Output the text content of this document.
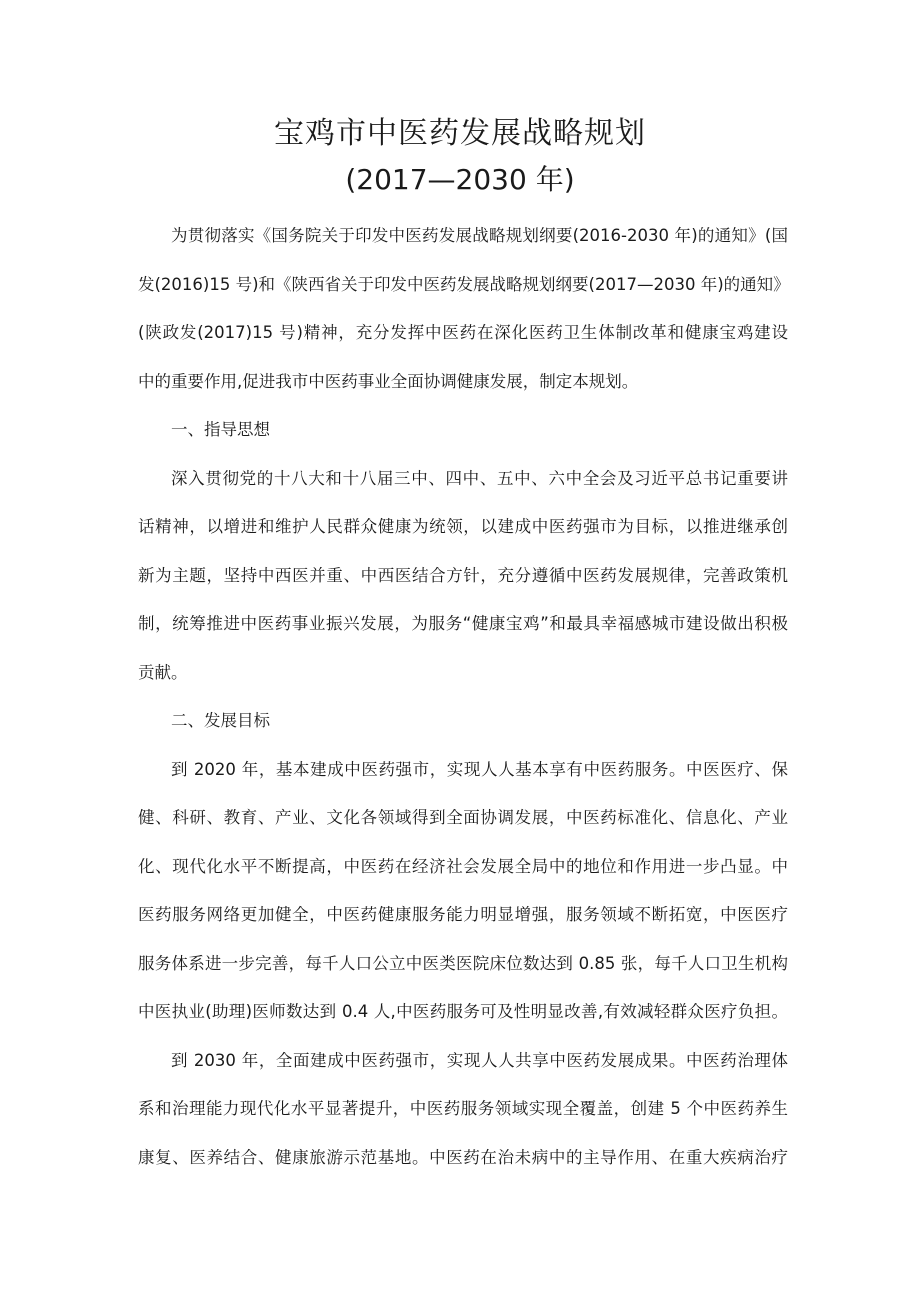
宝鸡市中医药发展战略规划
(2017—2030 年)
为贯彻落实《国务院关于印发中医药发展战略规划纲要(2016-2030 年)的通知》(国
发(2016)15 号)和《陕西省关于印发中医药发展战略规划纲要(2017—2030 年)的通知》
(陕政发(2017)15 号)精神，充分发挥中医药在深化医药卫生体制改革和健康宝鸡建设
中的重要作用,促进我市中医药事业全面协调健康发展，制定本规划。
一、指导思想
深入贯彻党的十八大和十八届三中、四中、五中、六中全会及习近平总书记重要讲
话精神，以增进和维护人民群众健康为统领，以建成中医药强市为目标，以推进继承创
新为主题，坚持中西医并重、中西医结合方针，充分遵循中医药发展规律，完善政策机
制，统筹推进中医药事业振兴发展，为服务“健康宝鸡”和最具幸福感城市建设做出积极
贡献。
二、发展目标
到 2020 年，基本建成中医药强市，实现人人基本享有中医药服务。中医医疗、保
健、科研、教育、产业、文化各领域得到全面协调发展，中医药标准化、信息化、产业
化、现代化水平不断提高，中医药在经济社会发展全局中的地位和作用进一步凸显。中
医药服务网络更加健全，中医药健康服务能力明显增强，服务领域不断拓宽，中医医疗
服务体系进一步完善，每千人口公立中医类医院床位数达到 0.85 张，每千人口卫生机构
中医执业(助理)医师数达到 0.4 人,中医药服务可及性明显改善,有效减轻群众医疗负担。
到 2030 年，全面建成中医药强市，实现人人共享中医药发展成果。中医药治理体
系和治理能力现代化水平显著提升，中医药服务领域实现全覆盖，创建 5 个中医药养生
康复、医养结合、健康旅游示范基地。中医药在治未病中的主导作用、在重大疾病治疗
